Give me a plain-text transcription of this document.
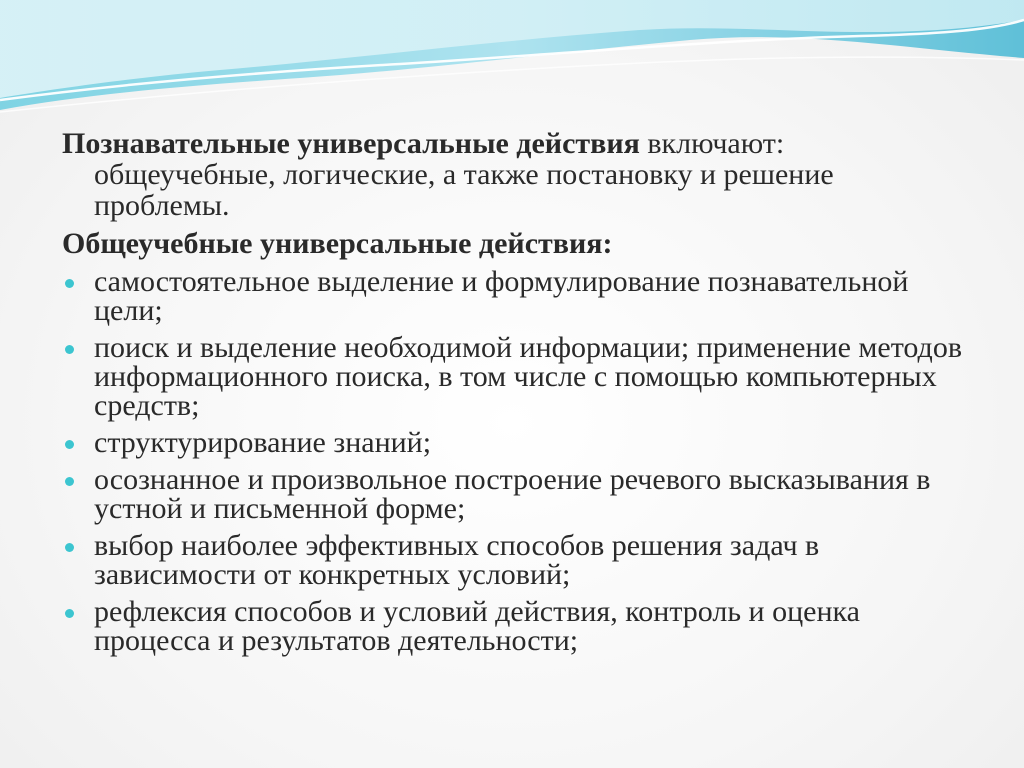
Познавательные универсальные действия включают:
общеучебные, логические, а также постановку и решение проблемы.

Общеучебные универсальные действия:

самостоятельное выделение и формулирование познавательной цели;
поиск и выделение необходимой информации; применение методов информационного поиска, в том числе с помощью компьютерных средств;
структурирование знаний;
осознанное и произвольное построение речевого высказывания в устной и письменной форме;
выбор наиболее эффективных способов решения задач в зависимости от конкретных условий;
рефлексия способов и условий действия, контроль и оценка процесса и результатов деятельности;
